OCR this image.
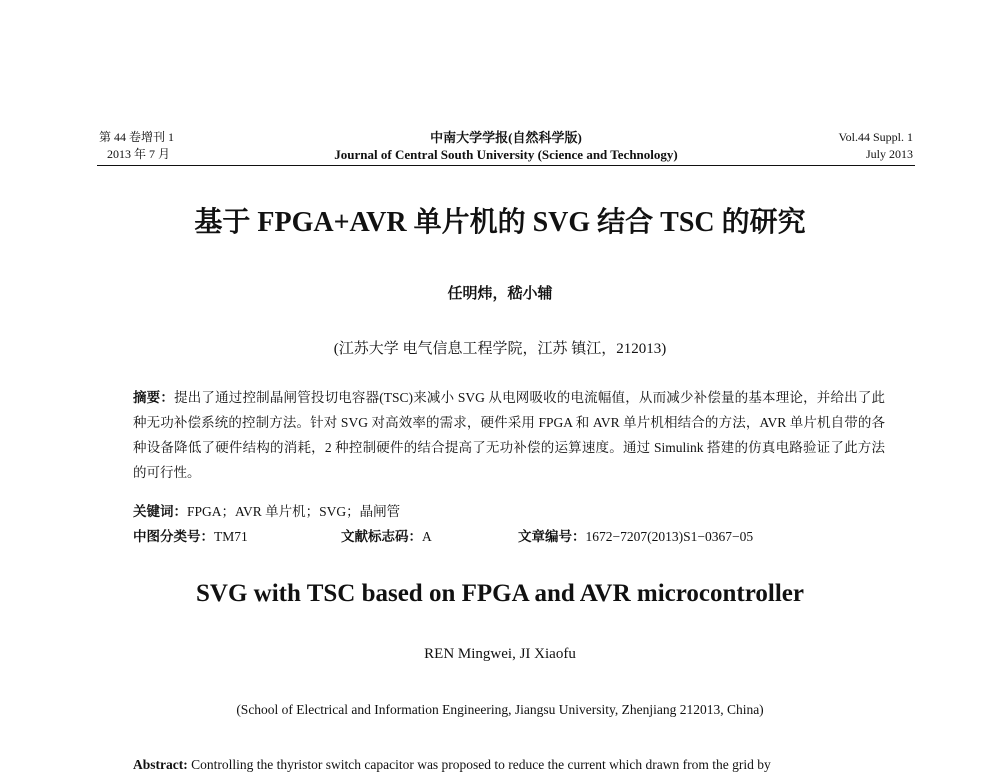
第 44 卷增刊 1
2013 年 7 月
中南大学学报(自然科学版)
Journal of Central South University (Science and Technology)
Vol.44 Suppl. 1
July 2013
基于 FPGA+AVR 单片机的 SVG 结合 TSC 的研究
任明炜，嵇小辅
(江苏大学 电气信息工程学院，江苏 镇江，212013)
摘要：提出了通过控制晶闸管投切电容器(TSC)来减小 SVG 从电网吸收的电流幅值，从而减少补偿量的基本理论，并给出了此种无功补偿系统的控制方法。针对 SVG 对高效率的需求，硬件采用 FPGA 和 AVR 单片机相结合的方法，AVR 单片机自带的各种设备降低了硬件结构的消耗，2 种控制硬件的结合提高了无功补偿的运算速度。通过 Simulink 搭建的仿真电路验证了此方法的可行性。
关键词：FPGA；AVR 单片机；SVG；晶闸管
中图分类号：TM71	文献标志码：A	文章编号：1672−7207(2013)S1−0367−05
SVG with TSC based on FPGA and AVR microcontroller
REN Mingwei, JI Xiaofu
(School of Electrical and Information Engineering, Jiangsu University, Zhenjiang 212013, China)
Abstract: Controlling the thyristor switch capacitor was proposed to reduce the current which drawn from the grid by
